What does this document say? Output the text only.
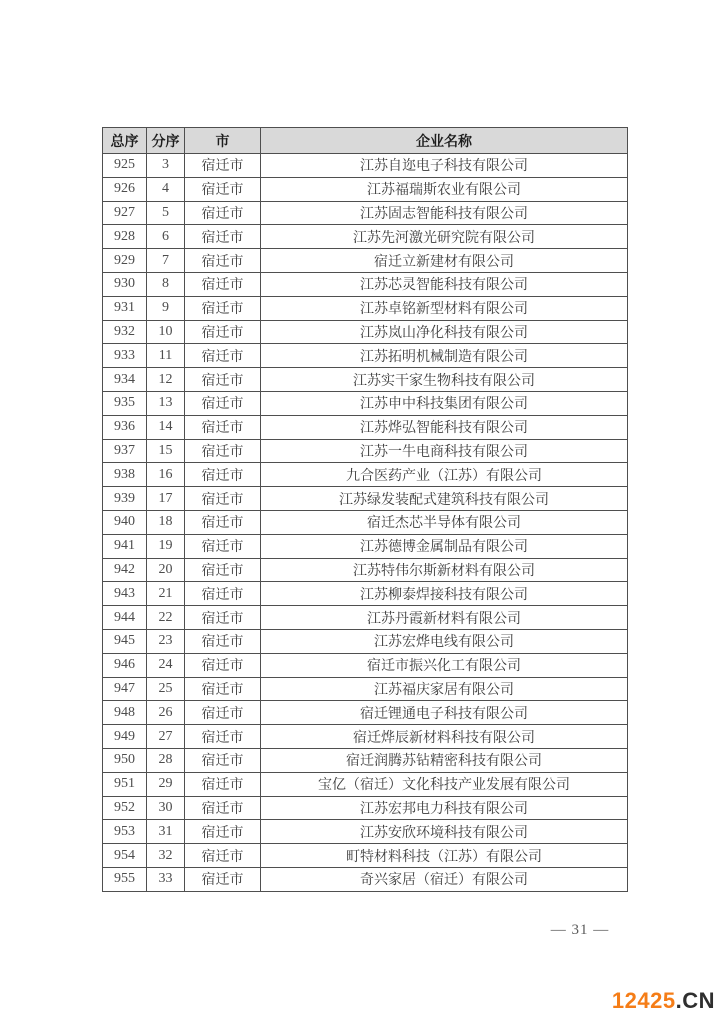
总序	分序	市	企业名称
925	3	宿迁市	江苏自迩电子科技有限公司
926	4	宿迁市	江苏福瑞斯农业有限公司
927	5	宿迁市	江苏固志智能科技有限公司
928	6	宿迁市	江苏先河激光研究院有限公司
929	7	宿迁市	宿迁立新建材有限公司
930	8	宿迁市	江苏芯灵智能科技有限公司
931	9	宿迁市	江苏卓铭新型材料有限公司
932	10	宿迁市	江苏岚山净化科技有限公司
933	11	宿迁市	江苏拓明机械制造有限公司
934	12	宿迁市	江苏实干家生物科技有限公司
935	13	宿迁市	江苏申中科技集团有限公司
936	14	宿迁市	江苏烨弘智能科技有限公司
937	15	宿迁市	江苏一牛电商科技有限公司
938	16	宿迁市	九合医药产业（江苏）有限公司
939	17	宿迁市	江苏绿发装配式建筑科技有限公司
940	18	宿迁市	宿迁杰芯半导体有限公司
941	19	宿迁市	江苏德博金属制品有限公司
942	20	宿迁市	江苏特伟尔斯新材料有限公司
943	21	宿迁市	江苏柳泰焊接科技有限公司
944	22	宿迁市	江苏丹霞新材料有限公司
945	23	宿迁市	江苏宏烨电线有限公司
946	24	宿迁市	宿迁市振兴化工有限公司
947	25	宿迁市	江苏福庆家居有限公司
948	26	宿迁市	宿迁锂通电子科技有限公司
949	27	宿迁市	宿迁烨辰新材料科技有限公司
950	28	宿迁市	宿迁润腾苏钻精密科技有限公司
951	29	宿迁市	宝亿（宿迁）文化科技产业发展有限公司
952	30	宿迁市	江苏宏邦电力科技有限公司
953	31	宿迁市	江苏安欣环境科技有限公司
954	32	宿迁市	町特材料科技（江苏）有限公司
955	33	宿迁市	奇兴家居（宿迁）有限公司
— 31 —
12425.CN
